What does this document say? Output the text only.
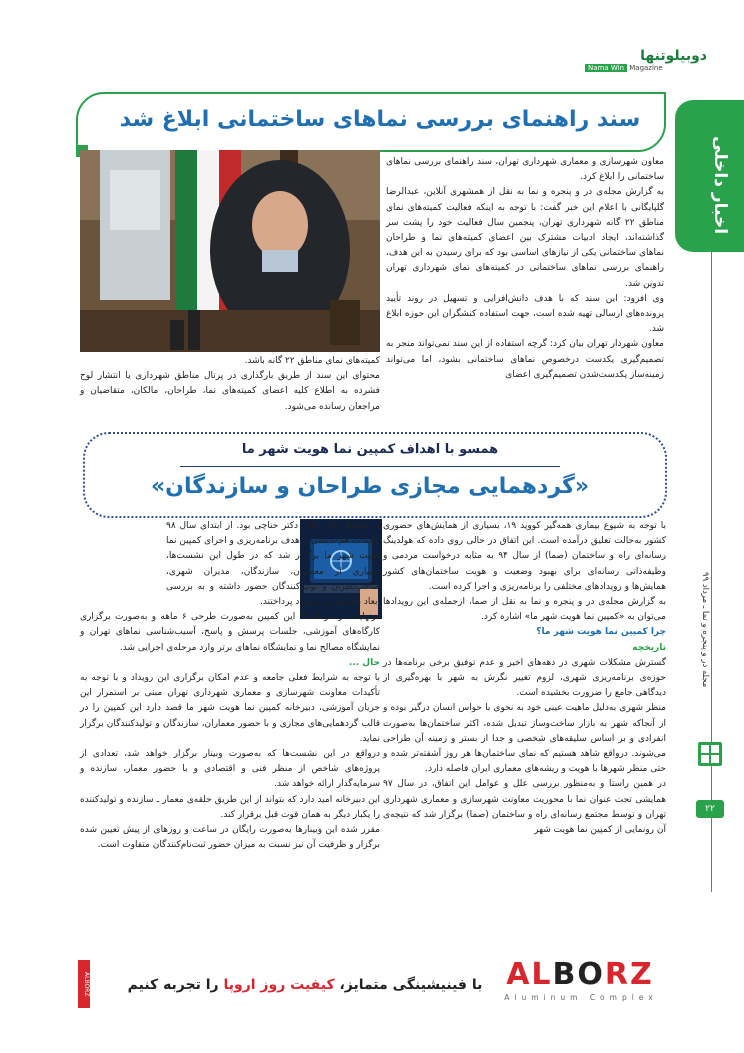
دوبيلوتنها
Nama Win Magazine
اخبار داخلی
مجله در و پنجره و نما ـ مرداد ۹۹
۲۲
سند راهنمای بررسی نماهای ساختمانی ابلاغ شد

معاون شهرسازی و معماری شهرداری تهران، سند راهنمای بررسی نماهای ساختمانی را ابلاغ کرد.

به گزارش مجله‌ی در و پنجره و نما به نقل از همشهری آنلاین، عبدالرضا گلپایگانی با اعلام این خبر گفت: با توجه به اینکه فعالیت کمیته‌های نمای مناطق ۲۲ گانه شهرداری تهران، پنجمین سال فعالیت خود را پشت سر گذاشته‌اند، ایجاد ادبیات مشترک بین اعضای کمیته‌های نما و طراحان نماهای ساختمانی یکی از نیازهای اساسی بود که برای رسیدن به این هدف، راهنمای بررسی نماهای ساختمانی در کمیته‌های نمای شهرداری تهران تدوین شد.

وی افزود: این سند که با هدف دانش‌افزایی و تسهیل در روند تأیید پرونده‌های ارسالی تهیه شده است، جهت استفاده کنشگران این حوزه ابلاغ شد.

معاون شهردار تهران بیان کرد: گرچه استفاده از این سند نمی‌تواند منجر به تصمیم‌گیری یکدست درخصوص نماهای ساختمانی بشود، اما می‌تواند زمینه‌ساز یکدست‌شدن تصمیم‌گیری اعضای

کمیته‌های نمای مناطق ۲۲ گانه باشد.

محتوای این سند از طریق بارگذاری در پرتال مناطق شهرداری یا انتشار لوح فشرده به اطلاع کلیه اعضای کمیته‌های نما، طراحان، مالکان، متقاضیان و مراجعان رسانده می‌شود.

همسو با اهداف کمپین نما هویت شهر ما
«گردهمایی مجازی طراحان و سازندگان»

با توجه به شیوع بیماری همه‌گیر کووید ۱۹، بسیاری از همایش‌های حضوری کشور به‌حالت تعلیق درآمده است. این اتفاق در حالی روی داده که هولدینگ رسانه‌ای راه و ساختمان (صما) از سال ۹۴ به مثابه درخواست مردمی و وظیفه‌ذاتی رسانه‌ای برای بهبود وضعیت و هویت ساختمان‌های کشور همایش‌ها و رویدادهای مختلفی را برنامه‌ریزی و اجرا کرده است.

به گزارش مجله‌ی در و پنجره و نما به نقل از صما، ازجمله‌ی این رویدادها می‌توان به «کمپین نما هویت شهر ما» اشاره کرد.

چرا کمپین نما هویت شهر ما؟

تاریخچه

گسترش مشکلات شهری در دهه‌های اخیر و عدم توفیق برخی برنامه‌ها در حوزه‌ی برنامه‌ریزی شهری، لزوم تغییر نگرش به شهر با بهره‌گیری از دیدگاهی جامع را ضرورت بخشیده است.

منظر شهری به‌دلیل ماهیت عینی خود به نحوی با حواس انسان درگیر بوده و از آنجاکه شهر به بازار ساخت‌وساز تبدیل شده، اکثر ساختمان‌ها به‌صورت انفرادی و بر اساس سلیقه‌های شخصی و جدا از بستر و زمینه آن طراحی می‌شوند. درواقع شاهد هستیم که نمای ساختمان‌ها هر روز آشفته‌تر شده و حتی منظر شهرها با هویت و ریشه‌های معماری ایران فاصله دارد.

در همین راستا و به‌منظور بررسی علل و عوامل این اتفاق، در سال ۹۷ همایشی تحت عنوان نما با محوریت معاونت شهرسازی و معماری شهرداری تهران و توسط مجتمع رسانه‌ای راه و ساختمان (صما) برگزار شد که نتیجه‌ی آن رونمایی از کمپین نما هویت شهر

ما توسط جناب آقای دکتر حناچی بود. از ابتدای سال ۹۸ جلسات هم‌اندیشی با هدف برنامه‌ریزی و اجرای کمپین نما هویت شهر ما برگزار شد که در طول این نشست‌ها، بسیاری از معماران، سازندگان، مدیران شهری، صاحب‌نظران و تولیدکنندگان حضور داشته و به بررسی ابعاد مختلف این رویداد پرداختند.

درنهایت در مرداد ۹۸ این کمپین به‌صورت طرحی ۶ ماهه و به‌صورت برگزاری کارگاه‌های آموزشی، جلسات پرسش و پاسخ، آسیب‌شناسی نماهای تهران و نمایشگاه مصالح نما و نمایشگاه نماهای برتر وارد مرحله‌ی اجرایی شد.

حال ...

با توجه به شرایط فعلی جامعه و عدم امکان برگزاری این رویداد و با توجه به تأکیدات معاونت شهرسازی و معماری شهرداری تهران مبنی بر استمرار این جریان آموزشی، دبیرخانه کمپین نما هویت شهر ما قصد دارد این کمپین را در قالب گردهمایی‌های مجازی و با حضور معماران، سازندگان و تولیدکنندگان برگزار نماید.

درواقع در این نشست‌ها که به‌صورت وبینار برگزار خواهد شد، تعدادی از پروژه‌های شاخص از منظر فنی و اقتصادی و با حضور معمار، سازنده و سرمایه‌گذار ارائه خواهد شد.

این دبیرخانه امید دارد که بتواند از این طریق حلقه‌ی معمار ـ سازنده و تولیدکننده را یکبار دیگر به همان قوت قبل برقرار کند.

مقرر شده این وبینارها به‌صورت رایگان در ساعت و روزهای از پیش تعیین شده برگزار و ظرفیت آن نیز نسبت به میزان حضور ثبت‌نام‌کنندگان متفاوت است.

ALBORZ	با فینیشینگی متمایز، کیفیت روز اروپا را تجربه کنیم	ALBORZ
Aluminum Complex
